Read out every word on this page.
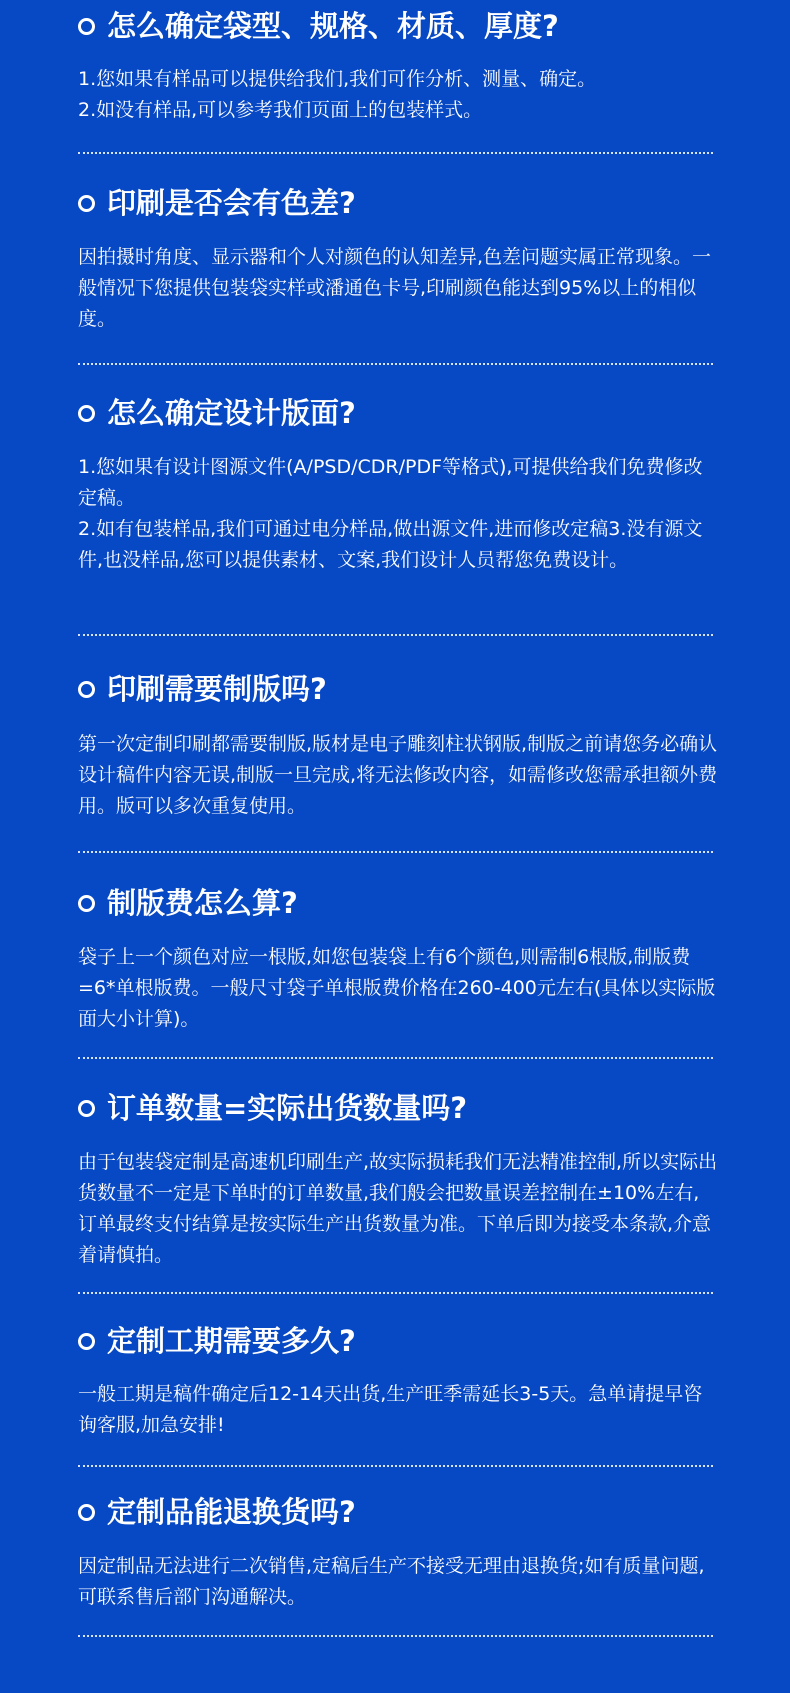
怎么确定袋型、规格、材质、厚度?

1.您如果有样品可以提供给我们,我们可作分析、测量、确定。
2.如没有样品,可以参考我们页面上的包装样式。

印刷是否会有色差?

因拍摄时角度、显示器和个人对颜色的认知差异,色差问题实属正常现象。一般情况下您提供包装袋实样或潘通色卡号,印刷颜色能达到95%以上的相似度。

怎么确定设计版面?

1.您如果有设计图源文件(A/PSD/CDR/PDF等格式),可提供给我们免费修改定稿。
2.如有包装样品,我们可通过电分样品,做出源文件,进而修改定稿3.没有源文件,也没样品,您可以提供素材、文案,我们设计人员帮您免费设计。

印刷需要制版吗?

第一次定制印刷都需要制版,版材是电子雕刻柱状钢版,制版之前请您务必确认设计稿件内容无误,制版一旦完成,将无法修改内容，如需修改您需承担额外费用。版可以多次重复使用。

制版费怎么算?

袋子上一个颜色对应一根版,如您包装袋上有6个颜色,则需制6根版,制版费=6*单根版费。一般尺寸袋子单根版费价格在260-400元左右(具体以实际版面大小计算)。

订单数量=实际出货数量吗?

由于包装袋定制是高速机印刷生产,故实际损耗我们无法精准控制,所以实际出货数量不一定是下单时的订单数量,我们般会把数量误差控制在±10%左右,订单最终支付结算是按实际生产出货数量为准。下单后即为接受本条款,介意着请慎拍。

定制工期需要多久?

一般工期是稿件确定后12-14天出货,生产旺季需延长3-5天。急单请提早咨询客服,加急安排!

定制品能退换货吗?

因定制品无法进行二次销售,定稿后生产不接受无理由退换货;如有质量问题,可联系售后部门沟通解决。
